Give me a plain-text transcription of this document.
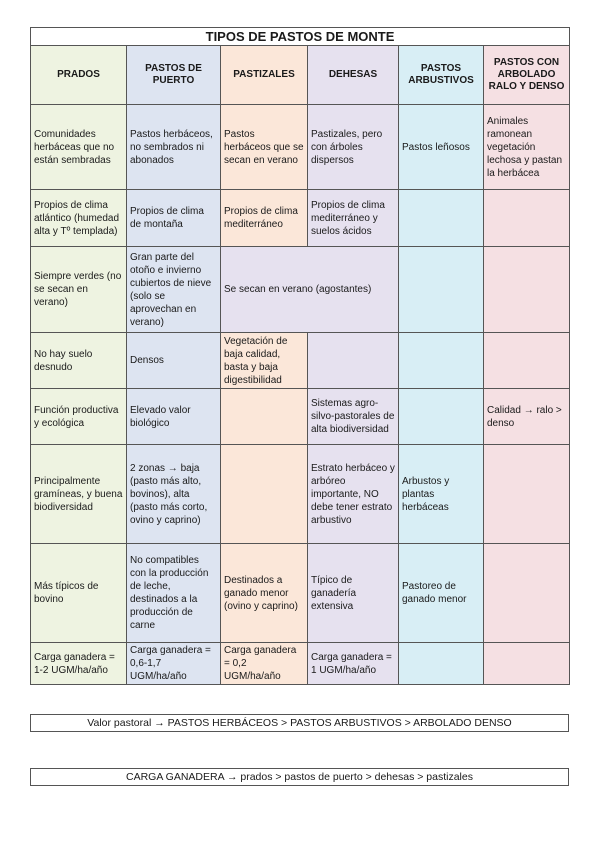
TIPOS DE PASTOS DE MONTE					
PRADOS	PASTOS DE PUERTO	PASTIZALES	DEHESAS	PASTOS ARBUSTIVOS	PASTOS CON ARBOLADO RALO Y DENSO
Comunidades herbáceas que no están sembradas	Pastos herbáceos, no sembrados ni abonados	Pastos herbáceos que se secan en verano	Pastizales, pero con árboles dispersos	Pastos leñosos	Animales ramonean vegetación lechosa y pastan la herbácea
Propios de clima atlántico (humedad alta y Tº templada)	Propios de clima de montaña	Propios de clima mediterráneo	Propios de clima mediterráneo y suelos ácidos		
Siempre verdes (no se secan en verano)	Gran parte del otoño e invierno cubiertos de nieve (solo se aprovechan en verano)	Se secan en verano (agostantes)			
No hay suelo desnudo	Densos	Vegetación de baja calidad, basta y baja digestibilidad			
Función productiva y ecológica	Elevado valor biológico		Sistemas agro-silvo-pastorales de alta biodiversidad		Calidad → ralo > denso
Principalmente gramíneas, y buena biodiversidad	2 zonas → baja (pasto más alto, bovinos), alta (pasto más corto, ovino y caprino)		Estrato herbáceo y arbóreo importante, NO debe tener estrato arbustivo	Arbustos y plantas herbáceas	
Más típicos de bovino	No compatibles con la producción de leche, destinados a la producción de carne	Destinados a ganado menor (ovino y caprino)	Típico de ganadería extensiva	Pastoreo de ganado menor	
Carga ganadera = 1-2 UGM/ha/año	Carga ganadera = 0,6-1,7 UGM/ha/año	Carga ganadera = 0,2 UGM/ha/año	Carga ganadera = 1 UGM/ha/año		
Valor pastoral → PASTOS HERBÁCEOS > PASTOS ARBUSTIVOS > ARBOLADO DENSO
CARGA GANADERA → prados > pastos de puerto > dehesas > pastizales
